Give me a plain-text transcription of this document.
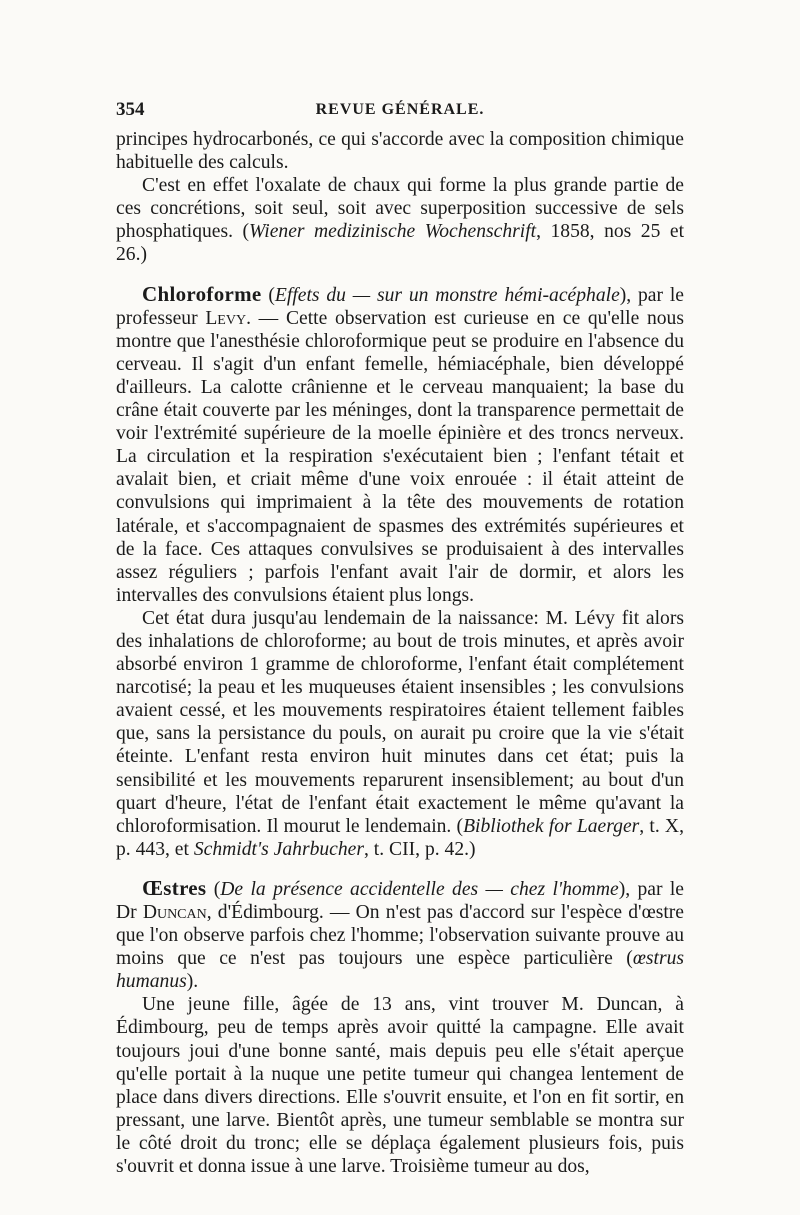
354	REVUE GÉNÉRALE.

principes hydrocarbonés, ce qui s'accorde avec la composition chimique habituelle des calculs.

C'est en effet l'oxalate de chaux qui forme la plus grande partie de ces concrétions, soit seul, soit avec superposition successive de sels phosphatiques. (Wiener medizinische Wochenschrift, 1858, nos 25 et 26.)

Chloroforme (Effets du — sur un monstre hémi-acéphale), par le professeur Levy. — Cette observation est curieuse en ce qu'elle nous montre que l'anesthésie chloroformique peut se produire en l'absence du cerveau. Il s'agit d'un enfant femelle, hémiacéphale, bien développé d'ailleurs. La calotte crânienne et le cerveau manquaient; la base du crâne était couverte par les méninges, dont la transparence permettait de voir l'extrémité supérieure de la moelle épinière et des troncs nerveux. La circulation et la respiration s'exécutaient bien ; l'enfant tétait et avalait bien, et criait même d'une voix enrouée : il était atteint de convulsions qui imprimaient à la tête des mouvements de rotation latérale, et s'accompagnaient de spasmes des extrémités supérieures et de la face. Ces attaques convulsives se produisaient à des intervalles assez réguliers ; parfois l'enfant avait l'air de dormir, et alors les intervalles des convulsions étaient plus longs.

Cet état dura jusqu'au lendemain de la naissance: M. Lévy fit alors des inhalations de chloroforme; au bout de trois minutes, et après avoir absorbé environ 1 gramme de chloroforme, l'enfant était complétement narcotisé; la peau et les muqueuses étaient insensibles ; les convulsions avaient cessé, et les mouvements respiratoires étaient tellement faibles que, sans la persistance du pouls, on aurait pu croire que la vie s'était éteinte. L'enfant resta environ huit minutes dans cet état; puis la sensibilité et les mouvements reparurent insensiblement; au bout d'un quart d'heure, l'état de l'enfant était exactement le même qu'avant la chloroformisation. Il mourut le lendemain. (Bibliothek for Laerger, t. X, p. 443, et Schmidt's Jahrbucher, t. CII, p. 42.)

Œstres (De la présence accidentelle des — chez l'homme), par le Dr Duncan, d'Édimbourg. — On n'est pas d'accord sur l'espèce d'œstre que l'on observe parfois chez l'homme; l'observation suivante prouve au moins que ce n'est pas toujours une espèce particulière (œstrus humanus).

Une jeune fille, âgée de 13 ans, vint trouver M. Duncan, à Édimbourg, peu de temps après avoir quitté la campagne. Elle avait toujours joui d'une bonne santé, mais depuis peu elle s'était aperçue qu'elle portait à la nuque une petite tumeur qui changea lentement de place dans divers directions. Elle s'ouvrit ensuite, et l'on en fit sortir, en pressant, une larve. Bientôt après, une tumeur semblable se montra sur le côté droit du tronc; elle se déplaça également plusieurs fois, puis s'ouvrit et donna issue à une larve. Troisième tumeur au dos,
